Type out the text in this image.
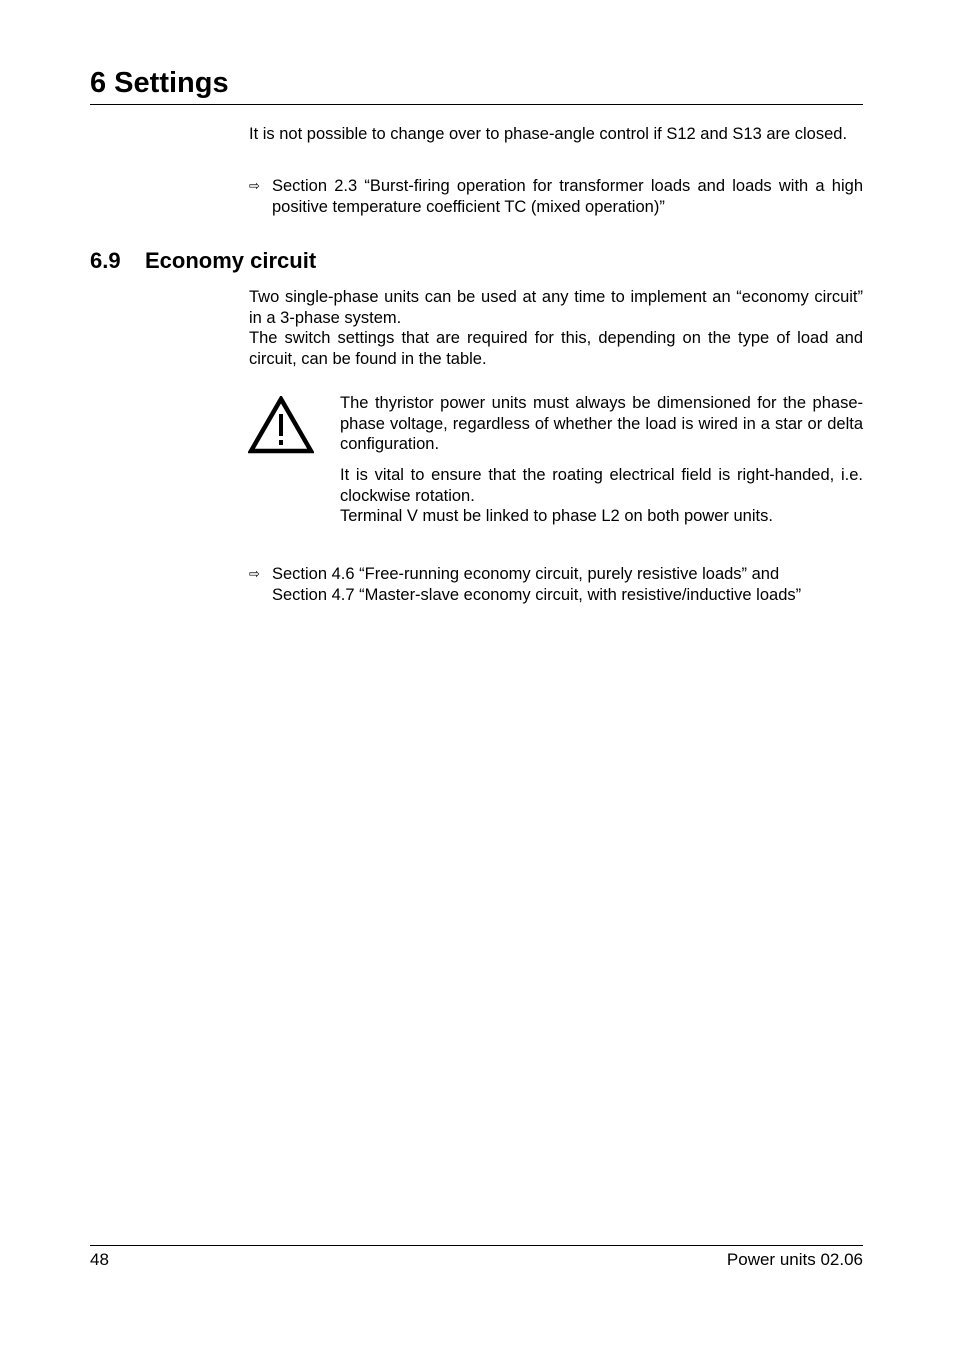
6 Settings

It is not possible to change over to phase-angle control if S12 and S13 are closed.

⇨ Section 2.3 “Burst-firing operation for transformer loads and loads with a high positive temperature coefficient TC (mixed operation)”
6.9 Economy circuit

Two single-phase units can be used at any time to implement an “economy circuit” in a 3-phase system.

The switch settings that are required for this, depending on the type of load and circuit, can be found in the table.

The thyristor power units must always be dimensioned for the phase-phase voltage, regardless of whether the load is wired in a star or delta configuration.

It is vital to ensure that the roating electrical field is right-handed, i.e. clockwise rotation.

Terminal V must be linked to phase L2 on both power units.

⇨ Section 4.6 “Free-running economy circuit, purely resistive loads” and
Section 4.7 “Master-slave economy circuit, with resistive/inductive loads”
48	Power units 02.06
